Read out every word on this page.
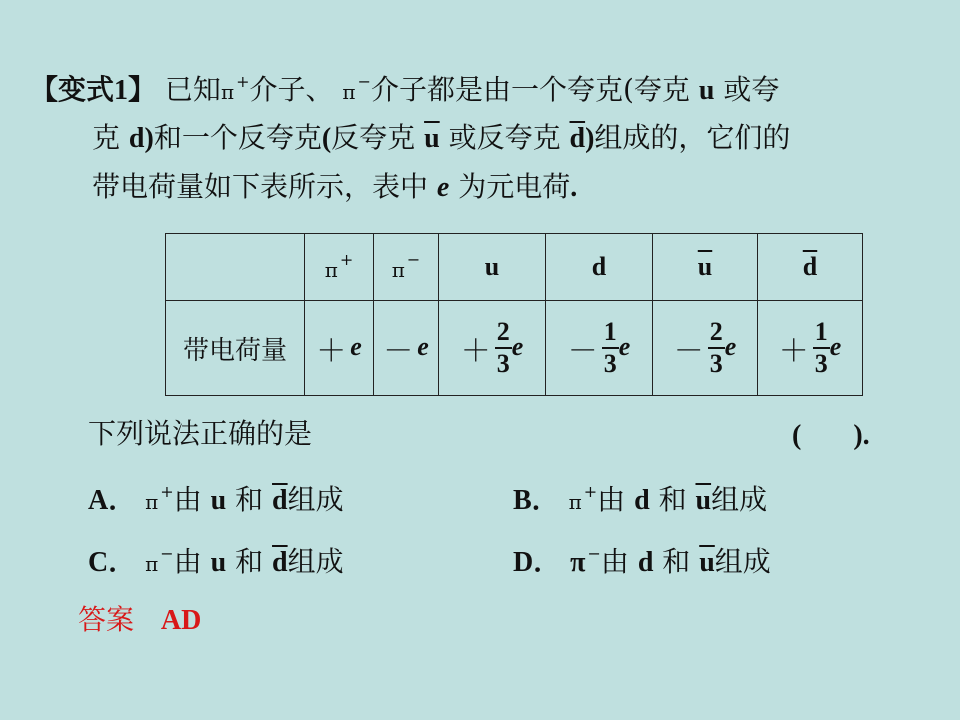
【变式1】 已知π +介子、 π −介子都是由一个夸克(夸克 u 或夸
克 d)和一个反夸克(反夸克 $\overline{u}$ 或反夸克 $\overline{d}$)组成的，它们的
带电荷量如下表所示，表中 e 为元电荷.
	π +	π −	u	d	$\overline{u}$	$\overline{d}$
带电荷量	＋ e	－ e	＋ $\frac{2}{3}$ e	－ $\frac{1}{3}$ e	－ $\frac{2}{3}$ e	＋ $\frac{1}{3}$ e
下列说法正确的是	( ).
A． π +由 u 和 $\overline{d}$组成	B． π +由 d 和 $\overline{u}$组成
C． π −由 u 和 $\overline{d}$组成	D． π −由 d 和 $\overline{u}$组成
答案 AD
